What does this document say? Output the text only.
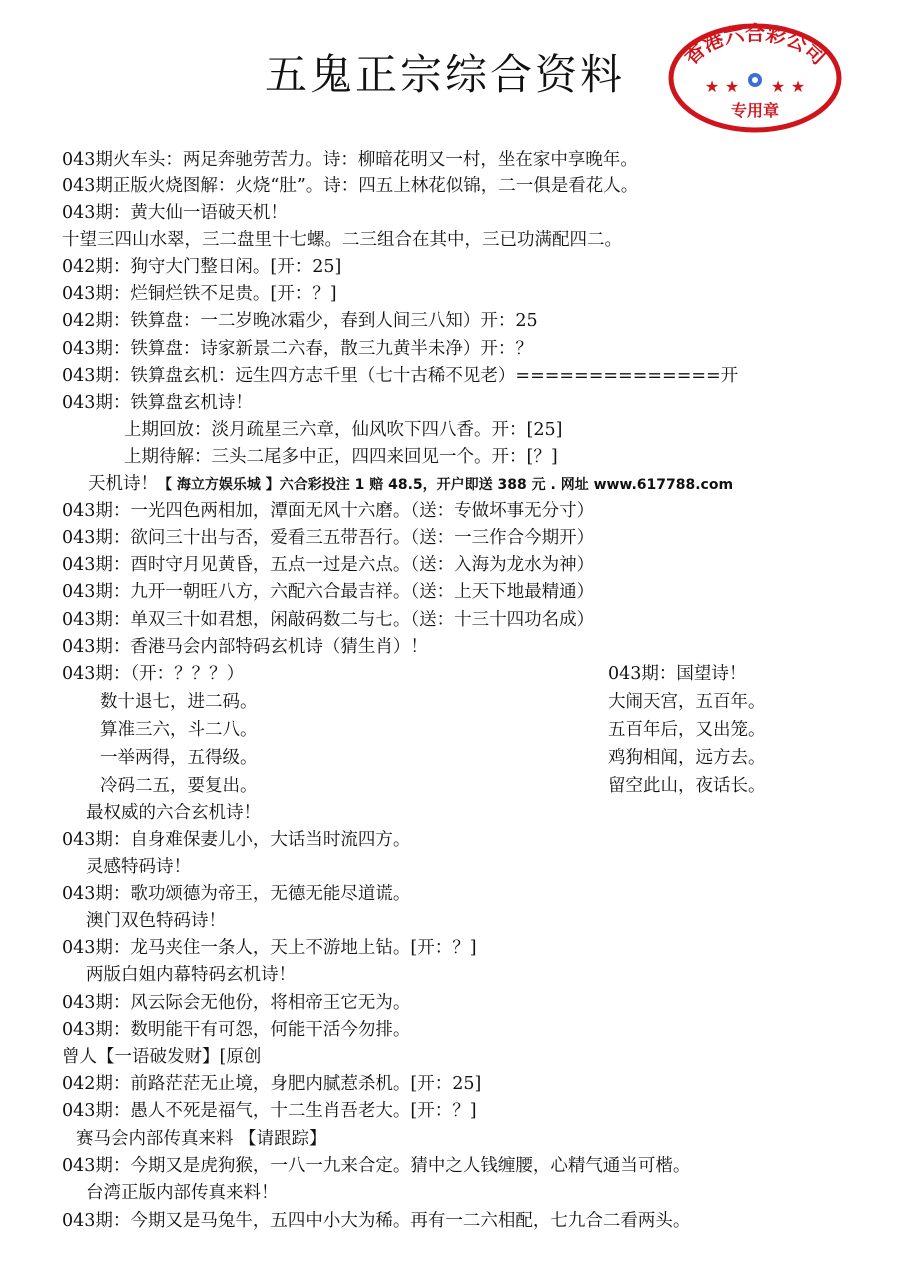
五鬼正宗综合资料	香港六合彩公司
★ ★ ★ ★
专用章
043期火车头：两足奔驰劳苦力。诗：柳暗花明又一村，坐在家中享晚年。
043期正版火烧图解：火烧“肚”。诗：四五上林花似锦，二一俱是看花人。
043期：黄大仙一语破天机！
十望三四山水翠，三二盘里十七螺。二三组合在其中，三已功满配四二。
042期：狗守大门整日闲。[开：25]
043期：烂铜烂铁不足贵。[开：？]
042期：铁算盘：一二岁晚冰霜少，春到人间三八知）开：25
043期：铁算盘：诗家新景二六春，散三九黄半未净）开：？
043期：铁算盘玄机：远生四方志千里（七十古稀不见老）==============开
043期：铁算盘玄机诗！
上期回放：淡月疏星三六章，仙风吹下四八香。开：[25]
上期待解：三头二尾多中正，四四来回见一个。开：[？]
天机诗！【 海立方娱乐城 】六合彩投注 1 赔 48.5，开户即送 388 元 . 网址 www.617788.com
043期：一光四色两相加，潭面无风十六磨。（送：专做坏事无分寸）
043期：欲问三十出与否，爱看三五带吾行。（送：一三作合今期开）
043期：酉时守月见黄昏，五点一过是六点。（送：入海为龙水为神）
043期：九开一朝旺八方，六配六合最吉祥。（送：上天下地最精通）
043期：单双三十如君想，闲敲码数二与七。（送：十三十四功名成）
043期：香港马会内部特码玄机诗（猜生肖）！
043期：（开：？？？）
数十退七，进二码。
算准三六，斗二八。
一举两得，五得级。
冷码二五，要复出。
最权威的六合玄机诗！
043期：自身难保妻儿小，大话当时流四方。
灵感特码诗！
043期：歌功颂德为帝王，无德无能尽道谎。
澳门双色特码诗！
043期：龙马夹住一条人，天上不游地上钻。[开：？]
两版白姐内幕特码玄机诗！
043期：风云际会无他份，将相帝王它无为。
043期：数明能干有可怨，何能干活今勿排。
曾人【一语破发财】[原创
042期：前路茫茫无止境，身肥内腻惹杀机。[开：25]
043期：愚人不死是福气，十二生肖吾老大。[开：？]
赛马会内部传真来料 【请跟踪】
043期：今期又是虎狗猴，一八一九来合定。猜中之人钱缠腰，心精气通当可楷。
台湾正版内部传真来料！
043期：今期又是马兔牛，五四中小大为稀。再有一二六相配，七九合二看两头。
043期：国望诗！
大闹天宫，五百年。
五百年后，又出笼。
鸡狗相闻，远方去。
留空此山，夜话长。
